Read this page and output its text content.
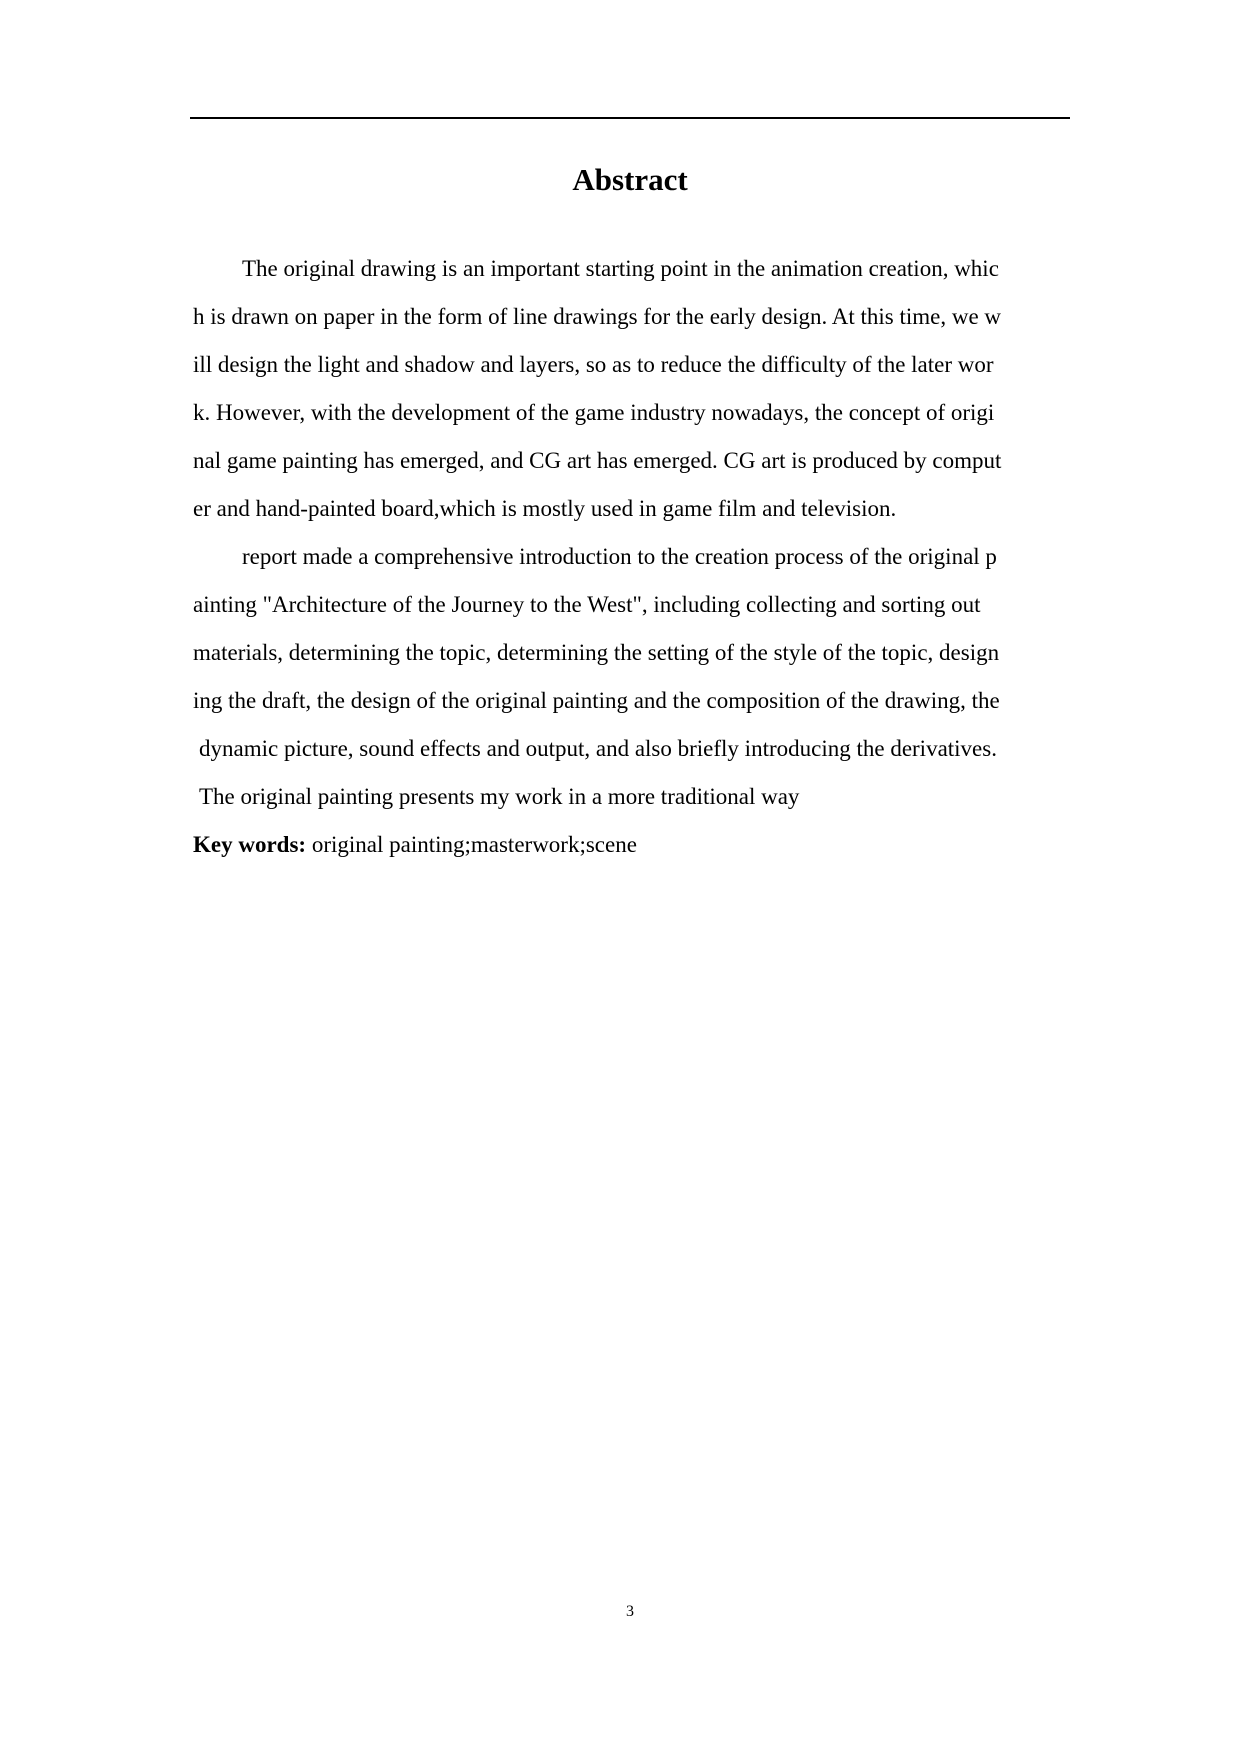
Abstract
The original drawing is an important starting point in the animation creation, whic
h is drawn on paper in the form of line drawings for the early design. At this time, we w
ill design the light and shadow and layers, so as to reduce the difficulty of the later wor
k. However, with the development of the game industry nowadays, the concept of origi
nal game painting has emerged, and CG art has emerged. CG art is produced by comput
er and hand-painted board,which is mostly used in game film and television.
report made a comprehensive introduction to the creation process of the original p
ainting "Architecture of the Journey to the West", including collecting and sorting out
materials, determining the topic, determining the setting of the style of the topic, design
ing the draft, the design of the original painting and the composition of the drawing, the
dynamic picture, sound effects and output, and also briefly introducing the derivatives.
The original painting presents my work in a more traditional way
Key words: original painting;masterwork;scene
3
